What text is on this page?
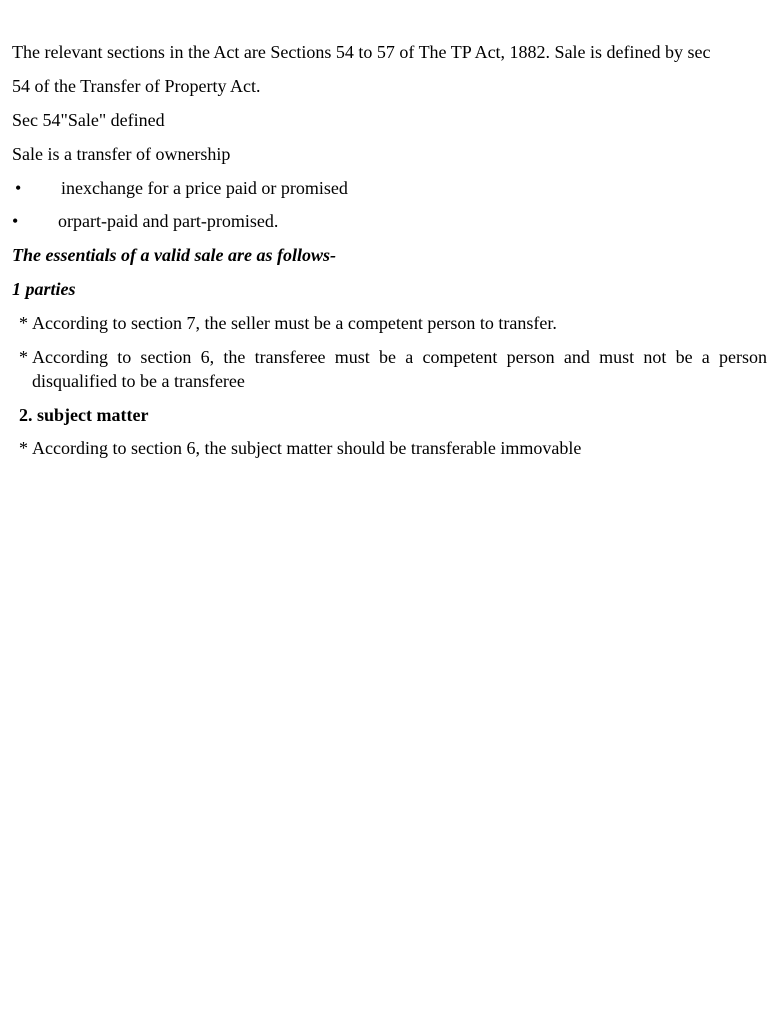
The relevant sections in the Act are Sections 54 to 57 of The TP Act, 1882. Sale is defined by sec

54 of the Transfer of Property Act.

Sec 54"Sale" defined

Sale is a transfer of ownership

•	inexchange for a price paid or promised
•	orpart-paid and part-promised.

The essentials of a valid sale are as follows-

1 parties

* According to section 7, the seller must be a competent person to transfer.
* According to section 6, the transferee must be a competent person and must not be a person disqualified to be a transferee

2. subject matter

* According to section 6, the subject matter should be transferable immovable
